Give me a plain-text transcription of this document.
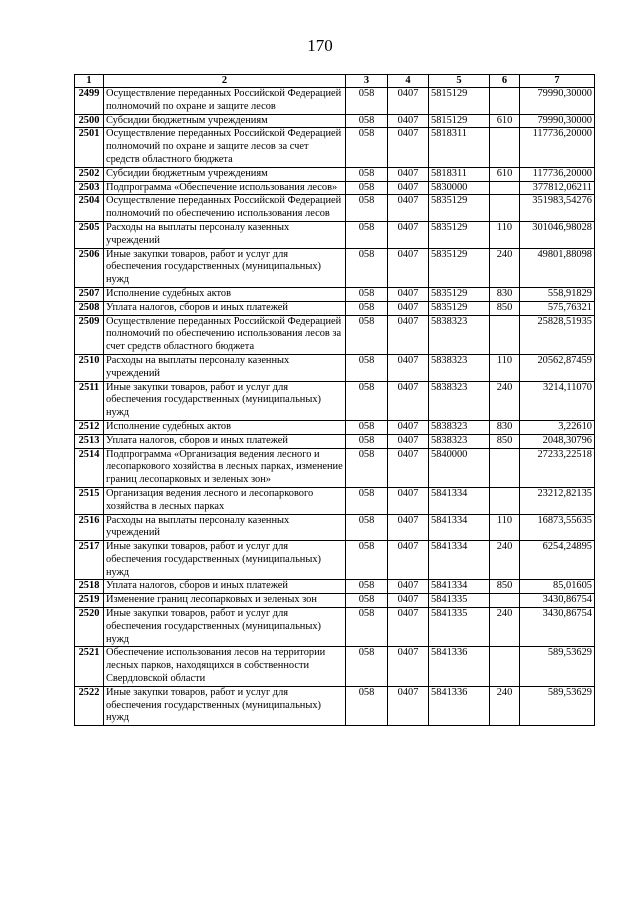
170
1	2	3	4	5	6	7
2499	Осуществление переданных Российской Федерацией полномочий по охране и защите лесов	058	0407	5815129		79990,30000
2500	Субсидии бюджетным учреждениям	058	0407	5815129	610	79990,30000
2501	Осуществление переданных Российской Федерацией полномочий по охране и защите лесов за счет средств областного бюджета	058	0407	5818311		117736,20000
2502	Субсидии бюджетным учреждениям	058	0407	5818311	610	117736,20000
2503	Подпрограмма «Обеспечение использования лесов»	058	0407	5830000		377812,06211
2504	Осуществление переданных Российской Федерацией полномочий по обеспечению использования лесов	058	0407	5835129		351983,54276
2505	Расходы на выплаты персоналу казенных учреждений	058	0407	5835129	110	301046,98028
2506	Иные закупки товаров, работ и услуг для обеспечения государственных (муниципальных) нужд	058	0407	5835129	240	49801,88098
2507	Исполнение судебных актов	058	0407	5835129	830	558,91829
2508	Уплата налогов, сборов и иных платежей	058	0407	5835129	850	575,76321
2509	Осуществление переданных Российской Федерацией полномочий по обеспечению использования лесов за счет средств областного бюджета	058	0407	5838323		25828,51935
2510	Расходы на выплаты персоналу казенных учреждений	058	0407	5838323	110	20562,87459
2511	Иные закупки товаров, работ и услуг для обеспечения государственных (муниципальных) нужд	058	0407	5838323	240	3214,11070
2512	Исполнение судебных актов	058	0407	5838323	830	3,22610
2513	Уплата налогов, сборов и иных платежей	058	0407	5838323	850	2048,30796
2514	Подпрограмма «Организация ведения лесного и лесопаркового хозяйства в лесных парках, изменение границ лесопарковых и зеленых зон»	058	0407	5840000		27233,22518
2515	Организация ведения лесного и лесопаркового хозяйства в лесных парках	058	0407	5841334		23212,82135
2516	Расходы на выплаты персоналу казенных учреждений	058	0407	5841334	110	16873,55635
2517	Иные закупки товаров, работ и услуг для обеспечения государственных (муниципальных) нужд	058	0407	5841334	240	6254,24895
2518	Уплата налогов, сборов и иных платежей	058	0407	5841334	850	85,01605
2519	Изменение границ лесопарковых и зеленых зон	058	0407	5841335		3430,86754
2520	Иные закупки товаров, работ и услуг для обеспечения государственных (муниципальных) нужд	058	0407	5841335	240	3430,86754
2521	Обеспечение использования лесов на территории лесных парков, находящихся в собственности Свердловской области	058	0407	5841336		589,53629
2522	Иные закупки товаров, работ и услуг для обеспечения государственных (муниципальных) нужд	058	0407	5841336	240	589,53629
